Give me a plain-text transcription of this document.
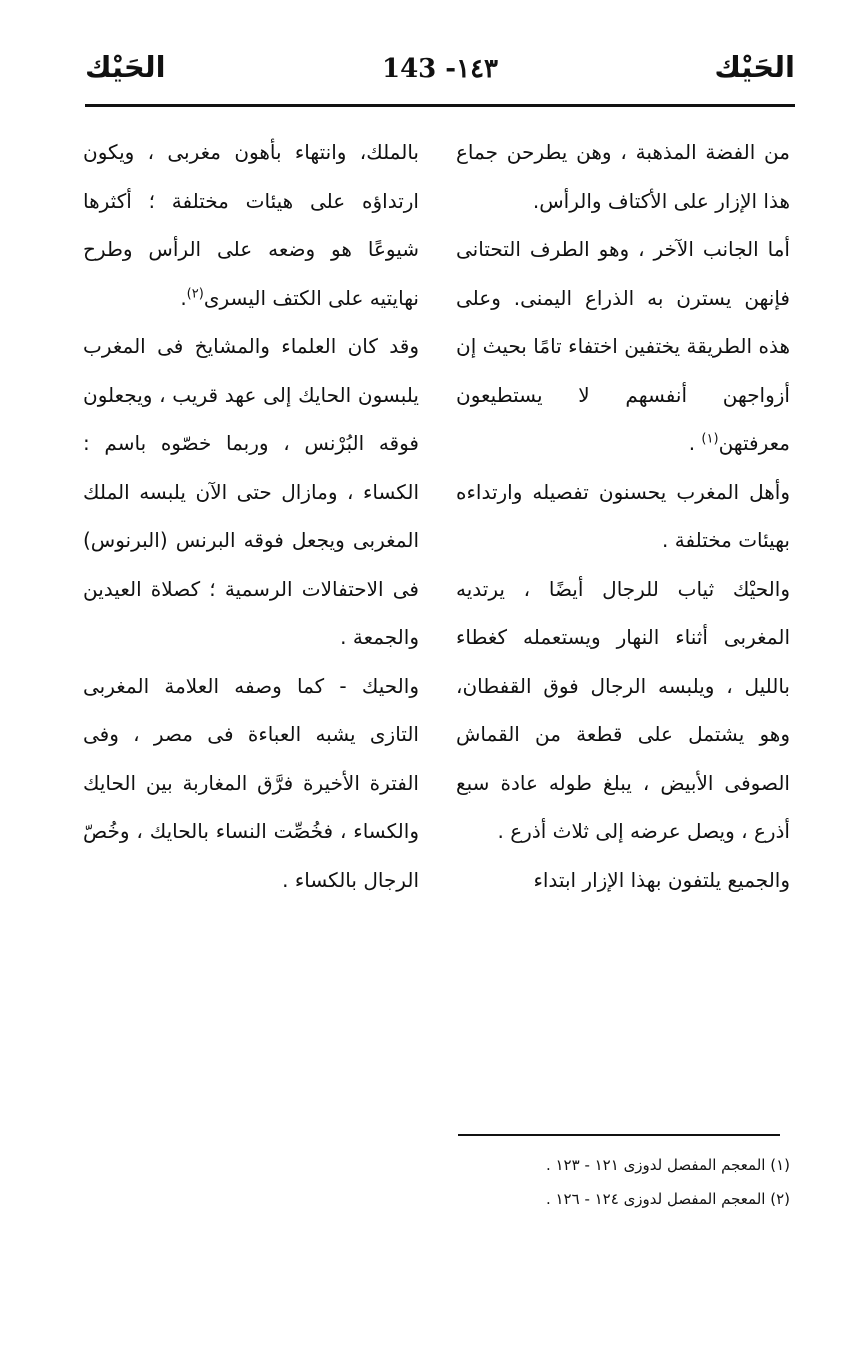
الحَيْك
143 -١٤٣
الحَيْك

من الفضة المذهبة ، وهن يطرحن جماع هذا الإزار على الأكتاف والرأس.

أما الجانب الآخر ، وهو الطرف التحتانى فإنهن يسترن به الذراع اليمنى. وعلى هذه الطريقة يختفين اختفاء تامًا بحيث إن أزواجهن أنفسهم لا يستطيعون معرفتهن$^{(١)}$ .

وأهل المغرب يحسنون تفصيله وارتداءه بهيئات مختلفة .

والحيْك ثياب للرجال أيضًا ، يرتديه المغربى أثناء النهار ويستعمله كغطاء بالليل ، ويلبسه الرجال فوق القفطان، وهو يشتمل على قطعة من القماش الصوفى الأبيض ، يبلغ طوله عادة سبع أذرع ، ويصل عرضه إلى ثلاث أذرع .

والجميع يلتفون بهذا الإزار ابتداء

بالملك، وانتهاء بأهون مغربى ، ويكون ارتداؤه على هيئات مختلفة ؛ أكثرها شيوعًا هو وضعه على الرأس وطرح نهايتيه على الكتف اليسرى$^{(٢)}$.

وقد كان العلماء والمشايخ فى المغرب يلبسون الحايك إلى عهد قريب ، ويجعلون فوقه البُرْنس ، وربما خصّوه باسم : الكساء ، ومازال حتى الآن يلبسه الملك المغربى ويجعل فوقه البرنس (البرنوس) فى الاحتفالات الرسمية ؛ كصلاة العيدين والجمعة .

والحيك - كما وصفه العلامة المغربى التازى يشبه العباءة فى مصر ، وفى الفترة الأخيرة فرَّق المغاربة بين الحايك والكساء ، فخُصِّت النساء بالحايك ، وخُصّ الرجال بالكساء .

(١) المعجم المفصل لدوزى ١٢١ - ١٢٣ .

(٢) المعجم المفصل لدوزى ١٢٤ - ١٢٦ .
